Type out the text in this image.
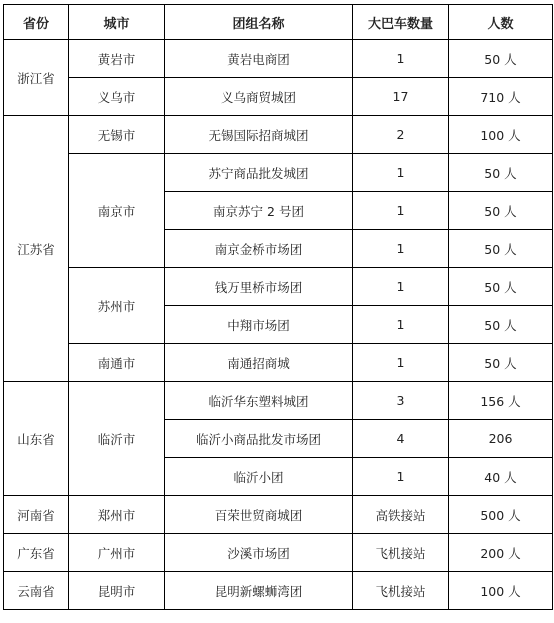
省份	城市	团组名称	大巴车数量	人数
浙江省	黄岩市	黄岩电商团	1	50 人
	义乌市	义乌商贸城团	17	710 人
江苏省	无锡市	无锡国际招商城团	2	100 人
	南京市	苏宁商品批发城团	1	50 人
		南京苏宁 2 号团	1	50 人
		南京金桥市场团	1	50 人
	苏州市	钱万里桥市场团	1	50 人
		中翔市场团	1	50 人
	南通市	南通招商城	1	50 人
山东省	临沂市	临沂华东塑料城团	3	156 人
		临沂小商品批发市场团	4	206
		临沂小团	1	40 人
河南省	郑州市	百荣世贸商城团	高铁接站	500 人
广东省	广州市	沙溪市场团	飞机接站	200 人
云南省	昆明市	昆明新螺蛳湾团	飞机接站	100 人
